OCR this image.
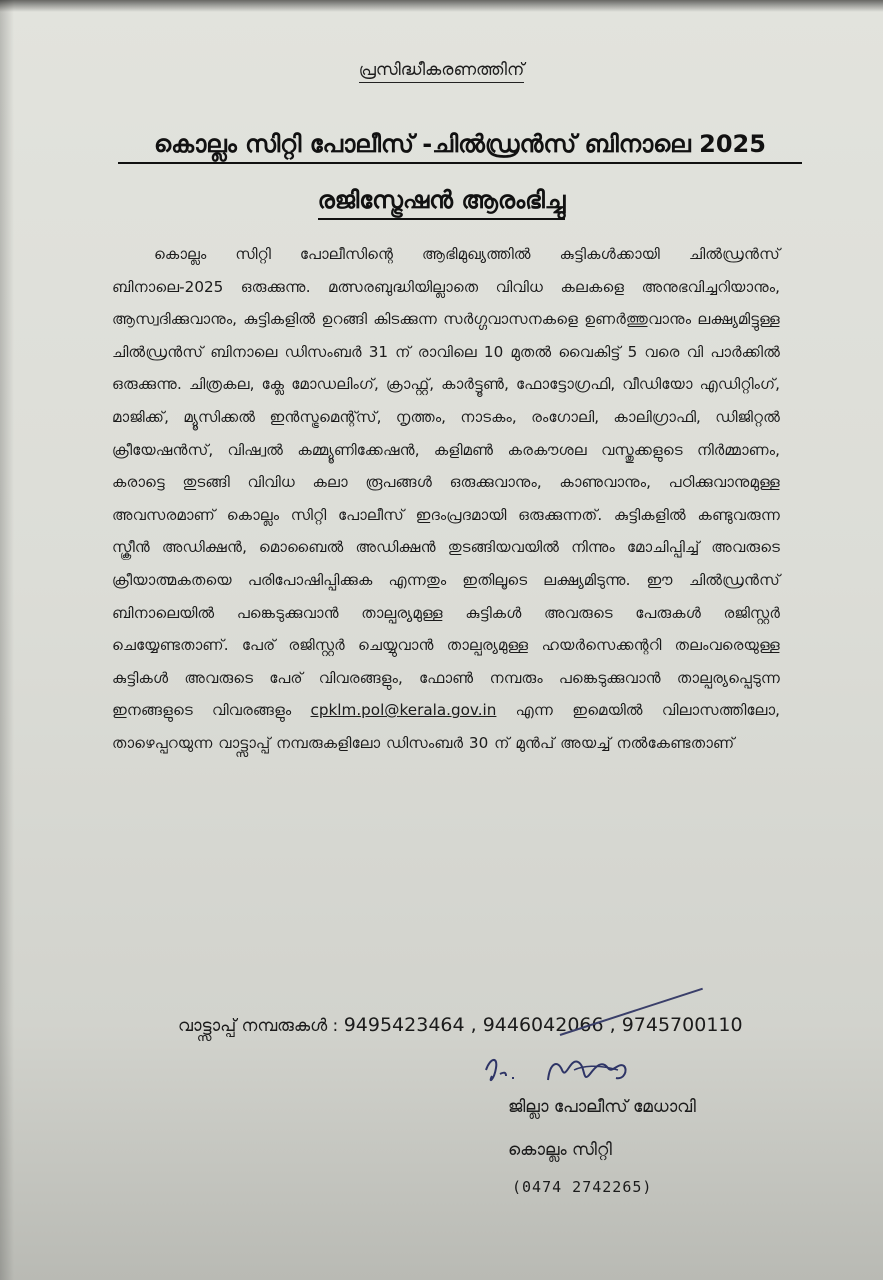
പ്രസിദ്ധീകരണത്തിന്
കൊല്ലം സിറ്റി പോലീസ് -ചിൽഡ്രൻസ് ബിനാലെ 2025
രജിസ്ട്രേഷൻ ആരംഭിച്ചു
കൊല്ലം സിറ്റി പോലീസിന്റെ ആഭിമുഖ്യത്തിൽ കുട്ടികൾക്കായി ചിൽഡ്രൻസ് ബിനാലെ-2025 ഒരുക്കുന്നു. മത്സരബുദ്ധിയില്ലാതെ വിവിധ കലകളെ അനുഭവിച്ചറിയാനും, ആസ്വദിക്കുവാനും, കുട്ടികളിൽ ഉറങ്ങി കിടക്കുന്ന സർഗ്ഗവാസനകളെ ഉണർത്തുവാനും ലക്ഷ്യമിട്ടുള്ള ചിൽഡ്രൻസ് ബിനാലെ ഡിസംബർ 31 ന് രാവിലെ 10 മുതൽ വൈകിട്ട് 5 വരെ വി പാർക്കിൽ ഒരുക്കുന്നു. ചിത്രകല, ക്ലേ മോഡലിംഗ്, ക്രാഫ്റ്റ്, കാർട്ടൂൺ, ഫോട്ടോഗ്രഫി, വീഡിയോ എഡിറ്റിംഗ്, മാജിക്ക്, മ്യൂസിക്കൽ ഇൻസ്ട്രമെന്റ്സ്, നൃത്തം, നാടകം, രംഗോലി, കാലിഗ്രാഫി, ഡിജിറ്റൽ ക്രീയേഷൻസ്, വിഷ്വൽ കമ്മ്യൂണിക്കേഷൻ, കളിമൺ കരകൗശല വസ്തുക്കളുടെ നിർമ്മാണം, കരാട്ടെ തുടങ്ങി വിവിധ കലാ രൂപങ്ങൾ ഒരുക്കുവാനും, കാണുവാനും, പഠിക്കുവാനുമുള്ള അവസരമാണ് കൊല്ലം സിറ്റി പോലീസ് ഇദംപ്രദമായി ഒരുക്കുന്നത്. കുട്ടികളിൽ കണ്ടുവരുന്ന സ്ക്രീൻ അഡിക്ഷൻ, മൊബൈൽ അഡിക്ഷൻ തുടങ്ങിയവയിൽ നിന്നും മോചിപ്പിച്ച് അവരുടെ ക്രീയാത്മകതയെ പരിപോഷിപ്പിക്കുക എന്നതും ഇതിലൂടെ ലക്ഷ്യമിടുന്നു. ഈ ചിൽഡ്രൻസ് ബിനാലെയിൽ പങ്കെടുക്കുവാൻ താല്പര്യമുള്ള കുട്ടികൾ അവരുടെ പേരുകൾ രജിസ്റ്റർ ചെയ്യേണ്ടതാണ്. പേര് രജിസ്റ്റർ ചെയ്യുവാൻ താല്പര്യമുള്ള ഹയർസെക്കന്ററി തലംവരെയുള്ള കുട്ടികൾ അവരുടെ പേര് വിവരങ്ങളും, ഫോൺ നമ്പരും പങ്കെടുക്കുവാൻ താല്പര്യപ്പെടുന്ന ഇനങ്ങളുടെ വിവരങ്ങളും cpklm.pol@kerala.gov.in എന്ന ഇമെയിൽ വിലാസത്തിലോ, താഴെപ്പറയുന്ന വാട്ട്സാപ്പ് നമ്പരുകളിലോ ഡിസംബർ 30 ന് മുൻപ് അയച്ച് നൽകേണ്ടതാണ്
വാട്ട്സാപ്പ് നമ്പരുകൾ : 9495423464 , 9446042066 , 9745700110
ജില്ലാ പോലീസ് മേധാവി
കൊല്ലം സിറ്റി
(0474 2742265)
